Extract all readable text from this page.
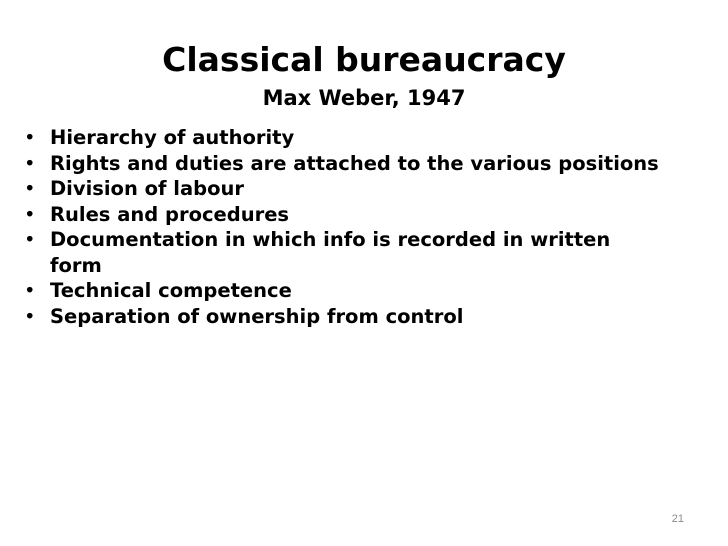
Classical bureaucracy
Max Weber, 1947
• Hierarchy of authority
• Rights and duties are attached to the various positions
• Division of labour
• Rules and procedures
• Documentation in which info is recorded in written form
• Technical competence
• Separation of ownership from control
21
